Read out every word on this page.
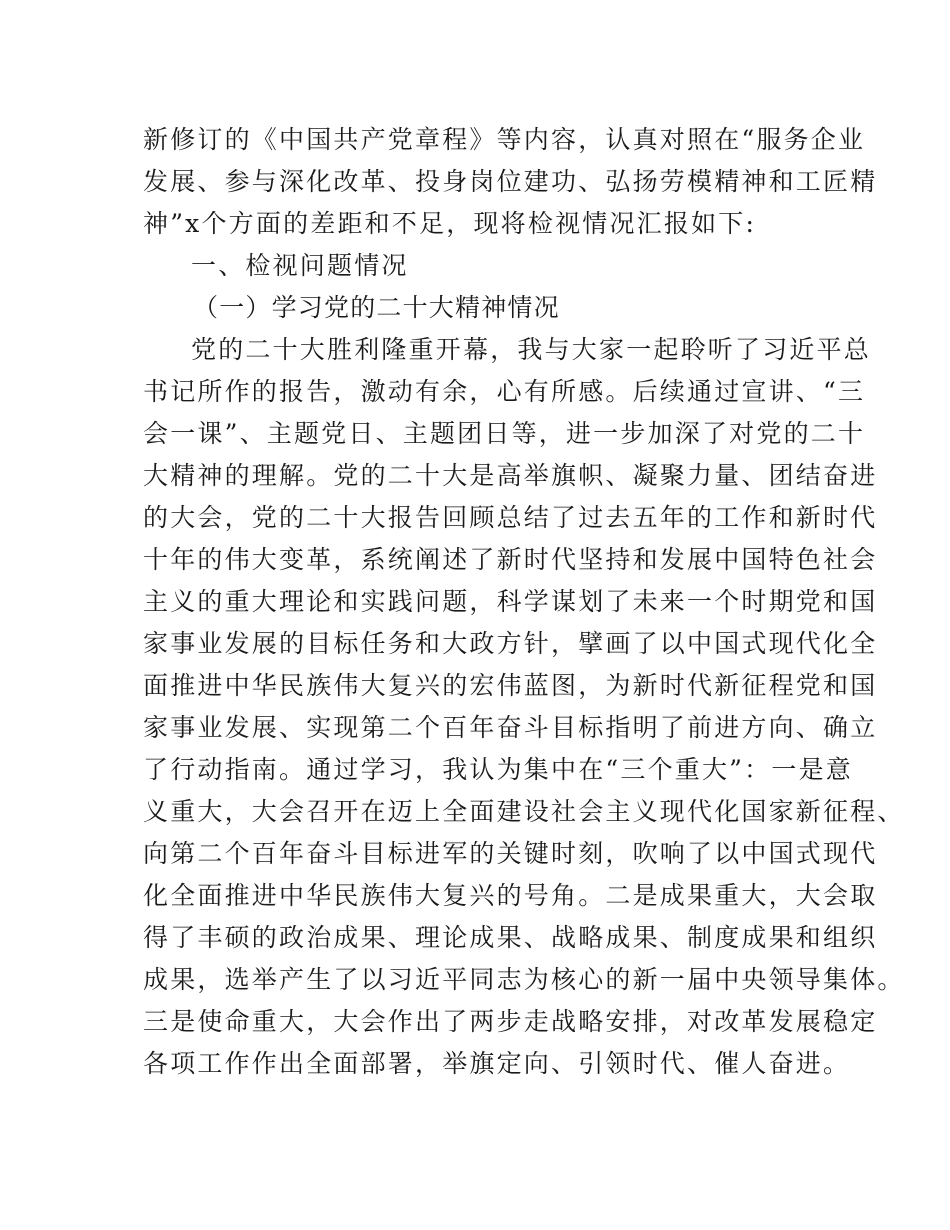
新修订的《中国共产党章程》等内容，认真对照在“服务企业
发展、参与深化改革、投身岗位建功、弘扬劳模精神和工匠精
神”x个方面的差距和不足，现将检视情况汇报如下:
一、检视问题情况
（一）学习党的二十大精神情况
党的二十大胜利隆重开幕，我与大家一起聆听了习近平总
书记所作的报告，激动有余，心有所感。后续通过宣讲、“三
会一课”、主题党日、主题团日等，进一步加深了对党的二十
大精神的理解。党的二十大是高举旗帜、凝聚力量、团结奋进
的大会，党的二十大报告回顾总结了过去五年的工作和新时代
十年的伟大变革，系统阐述了新时代坚持和发展中国特色社会
主义的重大理论和实践问题，科学谋划了未来一个时期党和国
家事业发展的目标任务和大政方针，擘画了以中国式现代化全
面推进中华民族伟大复兴的宏伟蓝图，为新时代新征程党和国
家事业发展、实现第二个百年奋斗目标指明了前进方向、确立
了行动指南。通过学习，我认为集中在“三个重大”：一是意
义重大，大会召开在迈上全面建设社会主义现代化国家新征程、
向第二个百年奋斗目标进军的关键时刻，吹响了以中国式现代
化全面推进中华民族伟大复兴的号角。二是成果重大，大会取
得了丰硕的政治成果、理论成果、战略成果、制度成果和组织
成果，选举产生了以习近平同志为核心的新一届中央领导集体。
三是使命重大，大会作出了两步走战略安排，对改革发展稳定
各项工作作出全面部署，举旗定向、引领时代、催人奋进。
